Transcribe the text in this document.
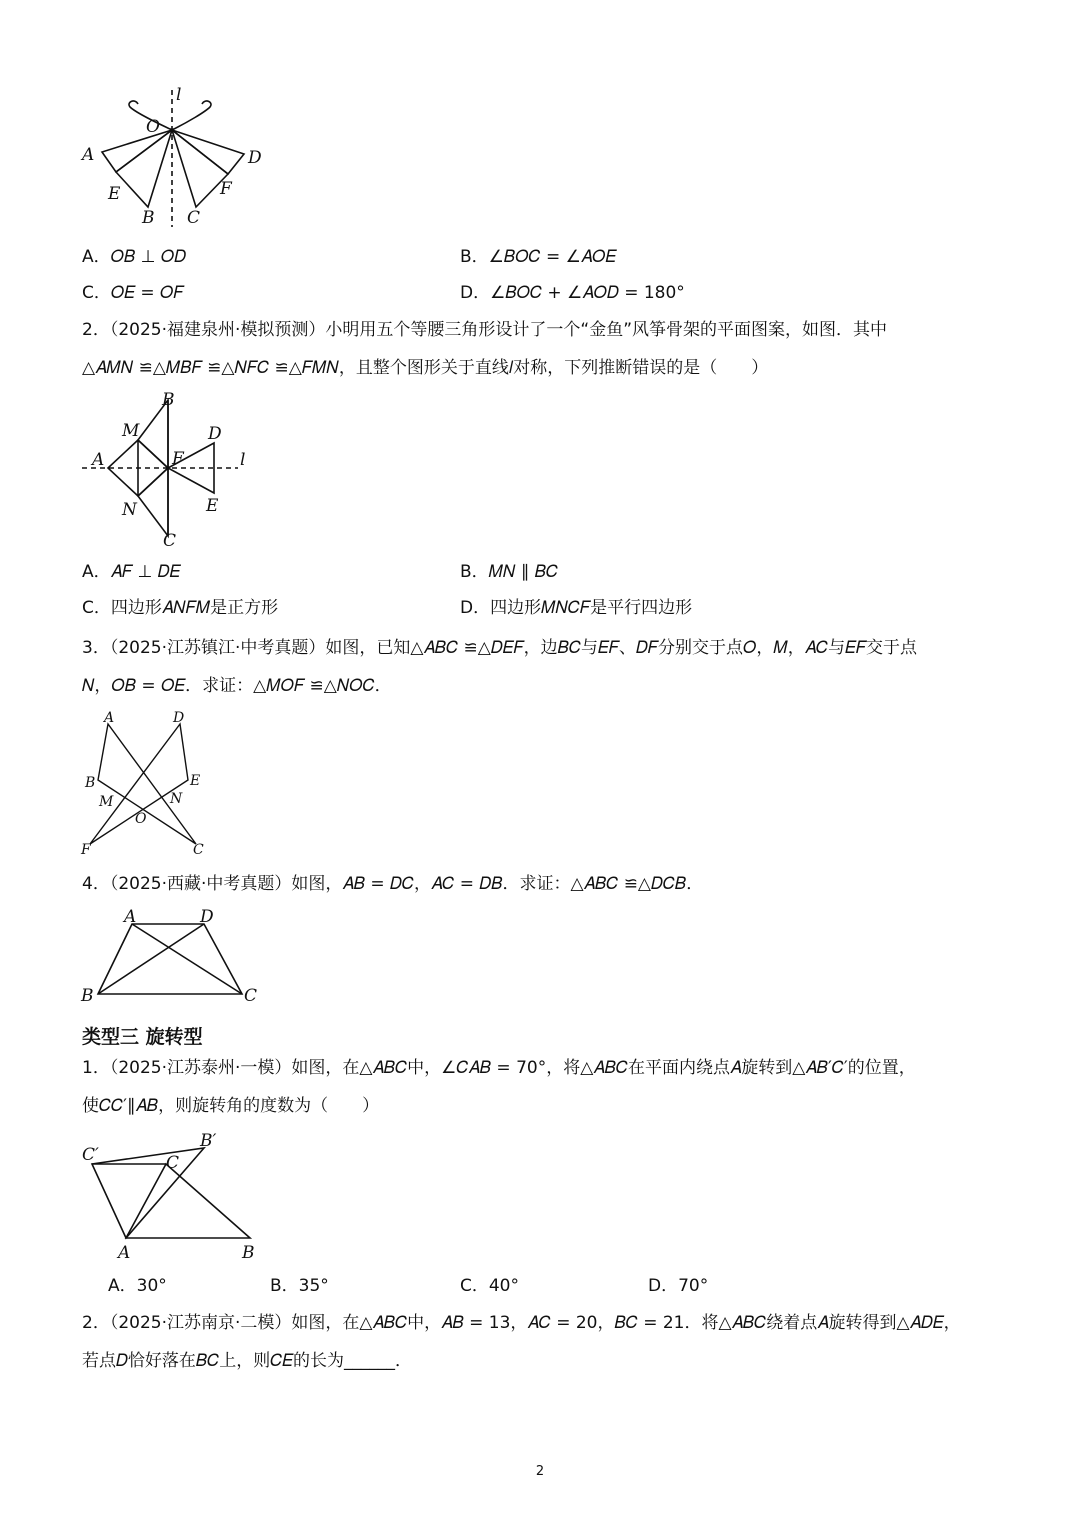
l
O
A	D
E	F
B C
A．𝑂𝐵 ⊥ 𝑂𝐷	B．∠𝐵𝑂𝐶 = ∠𝐴𝑂𝐸
C．𝑂𝐸 = 𝑂𝐹	D．∠𝐵𝑂𝐶 + ∠𝐴𝑂𝐷 = 180°
2．（2025·福建泉州·模拟预测）小明用五个等腰三角形设计了一个“金鱼”风筝骨架的平面图案，如图．其中
△𝐴𝑀𝑁 ≌△𝑀𝐵𝐹 ≌△𝑁𝐹𝐶 ≌△𝐹𝑀𝑁，且整个图形关于直线𝑙对称，下列推断错误的是（　　）
B
M	D
A	F	l
N	E
C
A．𝐴𝐹 ⊥ 𝐷𝐸	B．𝑀𝑁 ∥ 𝐵𝐶
C．四边形𝐴𝑁𝐹𝑀是正方形	D．四边形𝑀𝑁𝐶𝐹是平行四边形
3．（2025·江苏镇江·中考真题）如图，已知△𝐴𝐵𝐶 ≌△𝐷𝐸𝐹，边𝐵𝐶与𝐸𝐹、𝐷𝐹分别交于点𝑂，𝑀，𝐴𝐶与𝐸𝐹交于点
𝑁，𝑂𝐵 = 𝑂𝐸．求证：△𝑀𝑂𝐹 ≌△𝑁𝑂𝐶．
A	D
B	E
M	N
O
F	C
4．（2025·西藏·中考真题）如图，𝐴𝐵 = 𝐷𝐶，𝐴𝐶 = 𝐷𝐵．求证：△𝐴𝐵𝐶 ≌△𝐷𝐶𝐵．
A	D
B	C
类型三 旋转型
1．（2025·江苏泰州·一模）如图，在△𝐴𝐵𝐶中，∠𝐶𝐴𝐵 = 70°，将△𝐴𝐵𝐶在平面内绕点𝐴旋转到△𝐴𝐵′𝐶′的位置，
使𝐶𝐶′∥𝐴𝐵，则旋转角的度数为（　　）
C′
B′
C
A	B
A．30°	B．35°	C．40°	D．70°
2．（2025·江苏南京·二模）如图，在△𝐴𝐵𝐶中，𝐴𝐵 = 13，𝐴𝐶 = 20，𝐵𝐶 = 21．将△𝐴𝐵𝐶绕着点𝐴旋转得到△𝐴𝐷𝐸，
若点𝐷恰好落在𝐵𝐶上，则𝐶𝐸的长为______．
2
